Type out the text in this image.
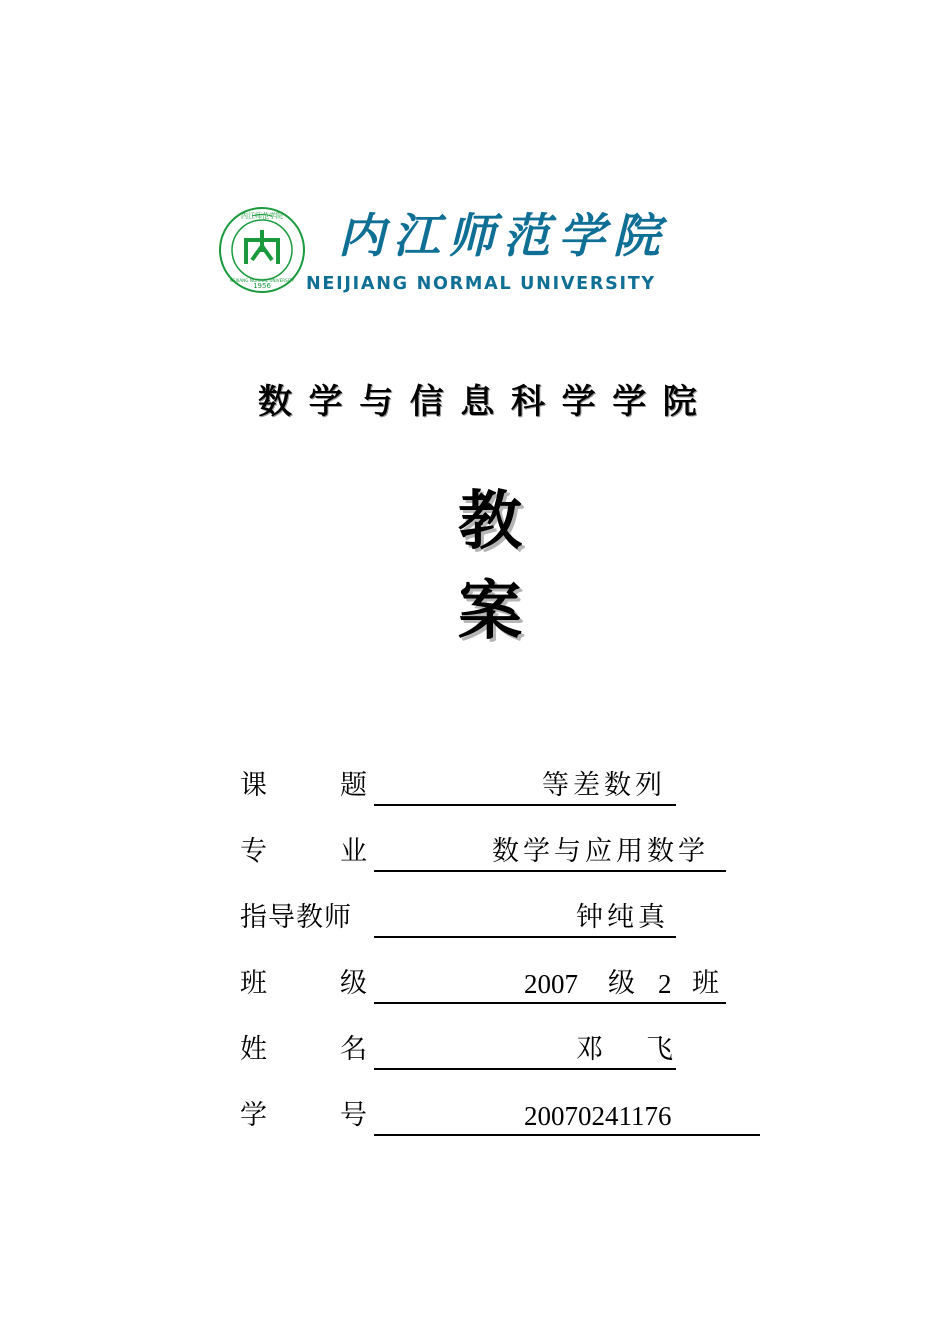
1956
内江师范学院
NEIJIANG NORMAL UNIVERSITY
内江师范学院
NEIJIANG NORMAL UNIVERSITY
数学与信息科学学院
教
案
课	题	等差数列
专	业	数学与应用数学
指导教师	钟纯真
班	级	2007 级 2 班
姓	名	邓 飞
学	号	20070241176
